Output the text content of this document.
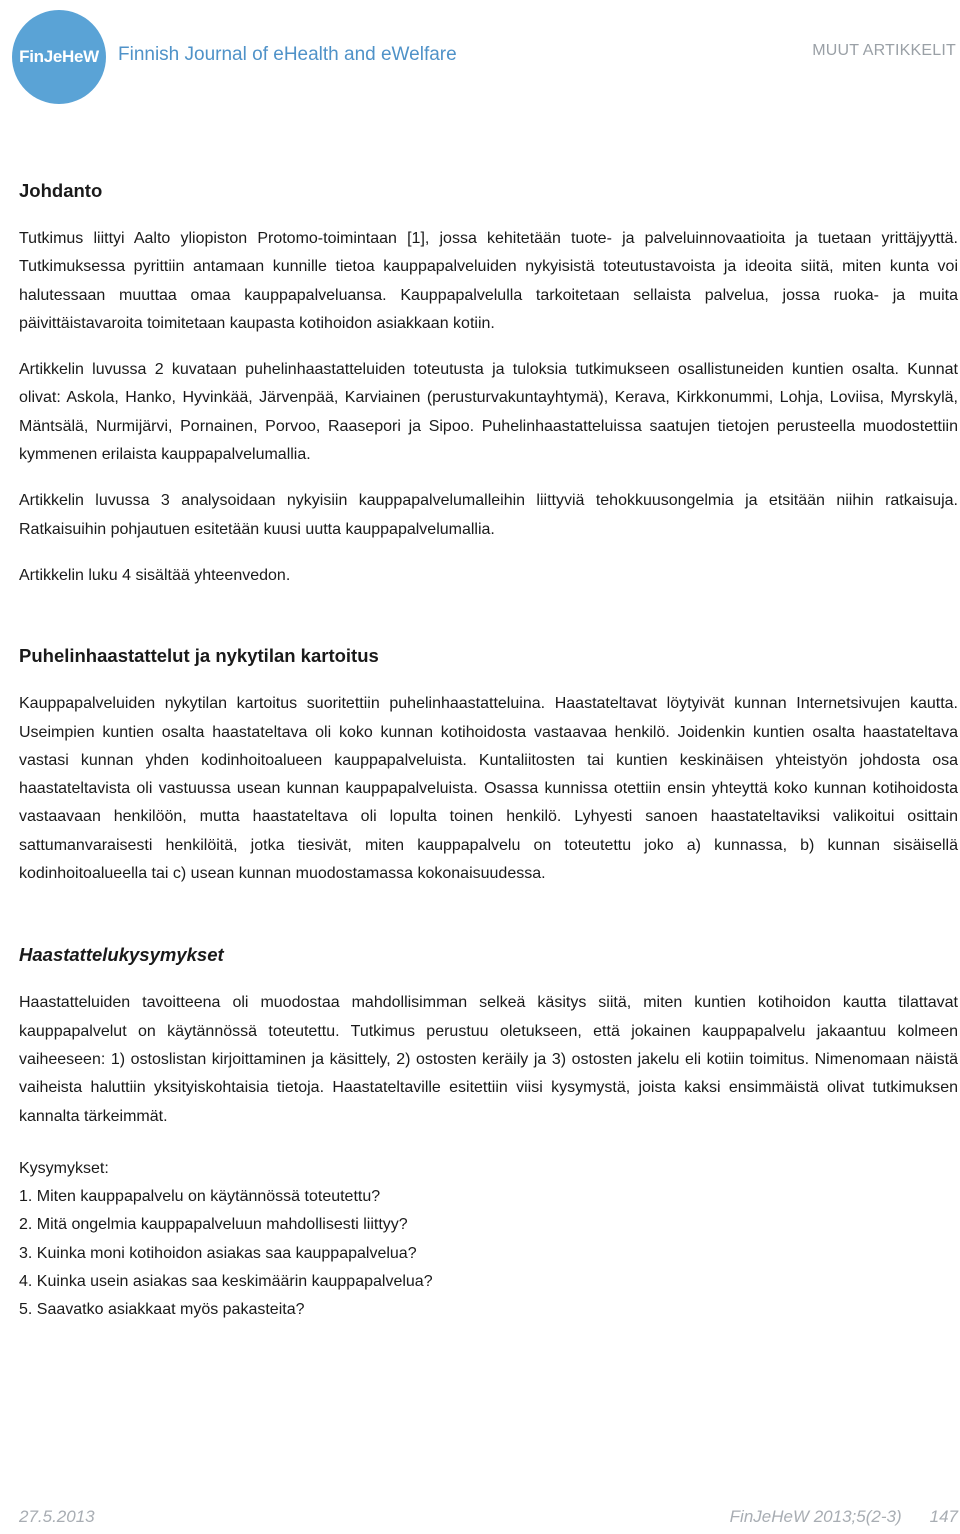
FinJeHeW Finnish Journal of eHealth and eWelfare	MUUT ARTIKKELIT
Johdanto

Tutkimus liittyi Aalto yliopiston Protomo-toimintaan [1], jossa kehitetään tuote- ja palveluinnovaatioita ja tuetaan yrittäjyyttä. Tutkimuksessa pyrittiin antamaan kunnille tietoa kauppapalveluiden nykyisistä toteutustavoista ja ideoita siitä, miten kunta voi halutessaan muuttaa omaa kauppapalveluansa. Kauppapalvelulla tarkoitetaan sellaista palvelua, jossa ruoka- ja muita päivittäistavaroita toimitetaan kaupasta kotihoidon asiakkaan kotiin.

Artikkelin luvussa 2 kuvataan puhelinhaastatteluiden toteutusta ja tuloksia tutkimukseen osallistuneiden kuntien osalta. Kunnat olivat: Askola, Hanko, Hyvinkää, Järvenpää, Karviainen (perusturvakuntayhtymä), Kerava, Kirkkonummi, Lohja, Loviisa, Myrskylä, Mäntsälä, Nurmijärvi, Pornainen, Porvoo, Raasepori ja Sipoo. Puhelinhaastatteluissa saatujen tietojen perusteella muodostettiin kymmenen erilaista kauppapalvelumallia.

Artikkelin luvussa 3 analysoidaan nykyisiin kauppapalvelumalleihin liittyviä tehokkuusongelmia ja etsitään niihin ratkaisuja. Ratkaisuihin pohjautuen esitetään kuusi uutta kauppapalvelumallia.

Artikkelin luku 4 sisältää yhteenvedon.

Puhelinhaastattelut ja nykytilan kartoitus

Kauppapalveluiden nykytilan kartoitus suoritettiin puhelinhaastatteluina. Haastateltavat löytyivät kunnan Internetsivujen kautta. Useimpien kuntien osalta haastateltava oli koko kunnan kotihoidosta vastaavaa henkilö. Joidenkin kuntien osalta haastateltava vastasi kunnan yhden kodinhoitoalueen kauppapalveluista. Kuntaliitosten tai kuntien keskinäisen yhteistyön johdosta osa haastateltavista oli vastuussa usean kunnan kauppapalveluista. Osassa kunnissa otettiin ensin yhteyttä koko kunnan kotihoidosta vastaavaan henkilöön, mutta haastateltava oli lopulta toinen henkilö. Lyhyesti sanoen haastateltaviksi valikoitui osittain sattumanvaraisesti henkilöitä, jotka tiesivät, miten kauppapalvelu on toteutettu joko a) kunnassa, b) kunnan sisäisellä kodinhoitoalueella tai c) usean kunnan muodostamassa kokonaisuudessa.

Haastattelukysymykset

Haastatteluiden tavoitteena oli muodostaa mahdollisimman selkeä käsitys siitä, miten kuntien kotihoidon kautta tilattavat kauppapalvelut on käytännössä toteutettu. Tutkimus perustuu oletukseen, että jokainen kauppapalvelu jakaantuu kolmeen vaiheeseen: 1) ostoslistan kirjoittaminen ja käsittely, 2) ostosten keräily ja 3) ostosten jakelu eli kotiin toimitus. Nimenomaan näistä vaiheista haluttiin yksityiskohtaisia tietoja. Haastateltaville esitettiin viisi kysymystä, joista kaksi ensimmäistä olivat tutkimuksen kannalta tärkeimmät.

Kysymykset:
1. Miten kauppapalvelu on käytännössä toteutettu?
2. Mitä ongelmia kauppapalveluun mahdollisesti liittyy?
3. Kuinka moni kotihoidon asiakas saa kauppapalvelua?
4. Kuinka usein asiakas saa keskimäärin kauppapalvelua?
5. Saavatko asiakkaat myös pakasteita?
27.5.2013	FinJeHeW 2013;5(2-3) 147
